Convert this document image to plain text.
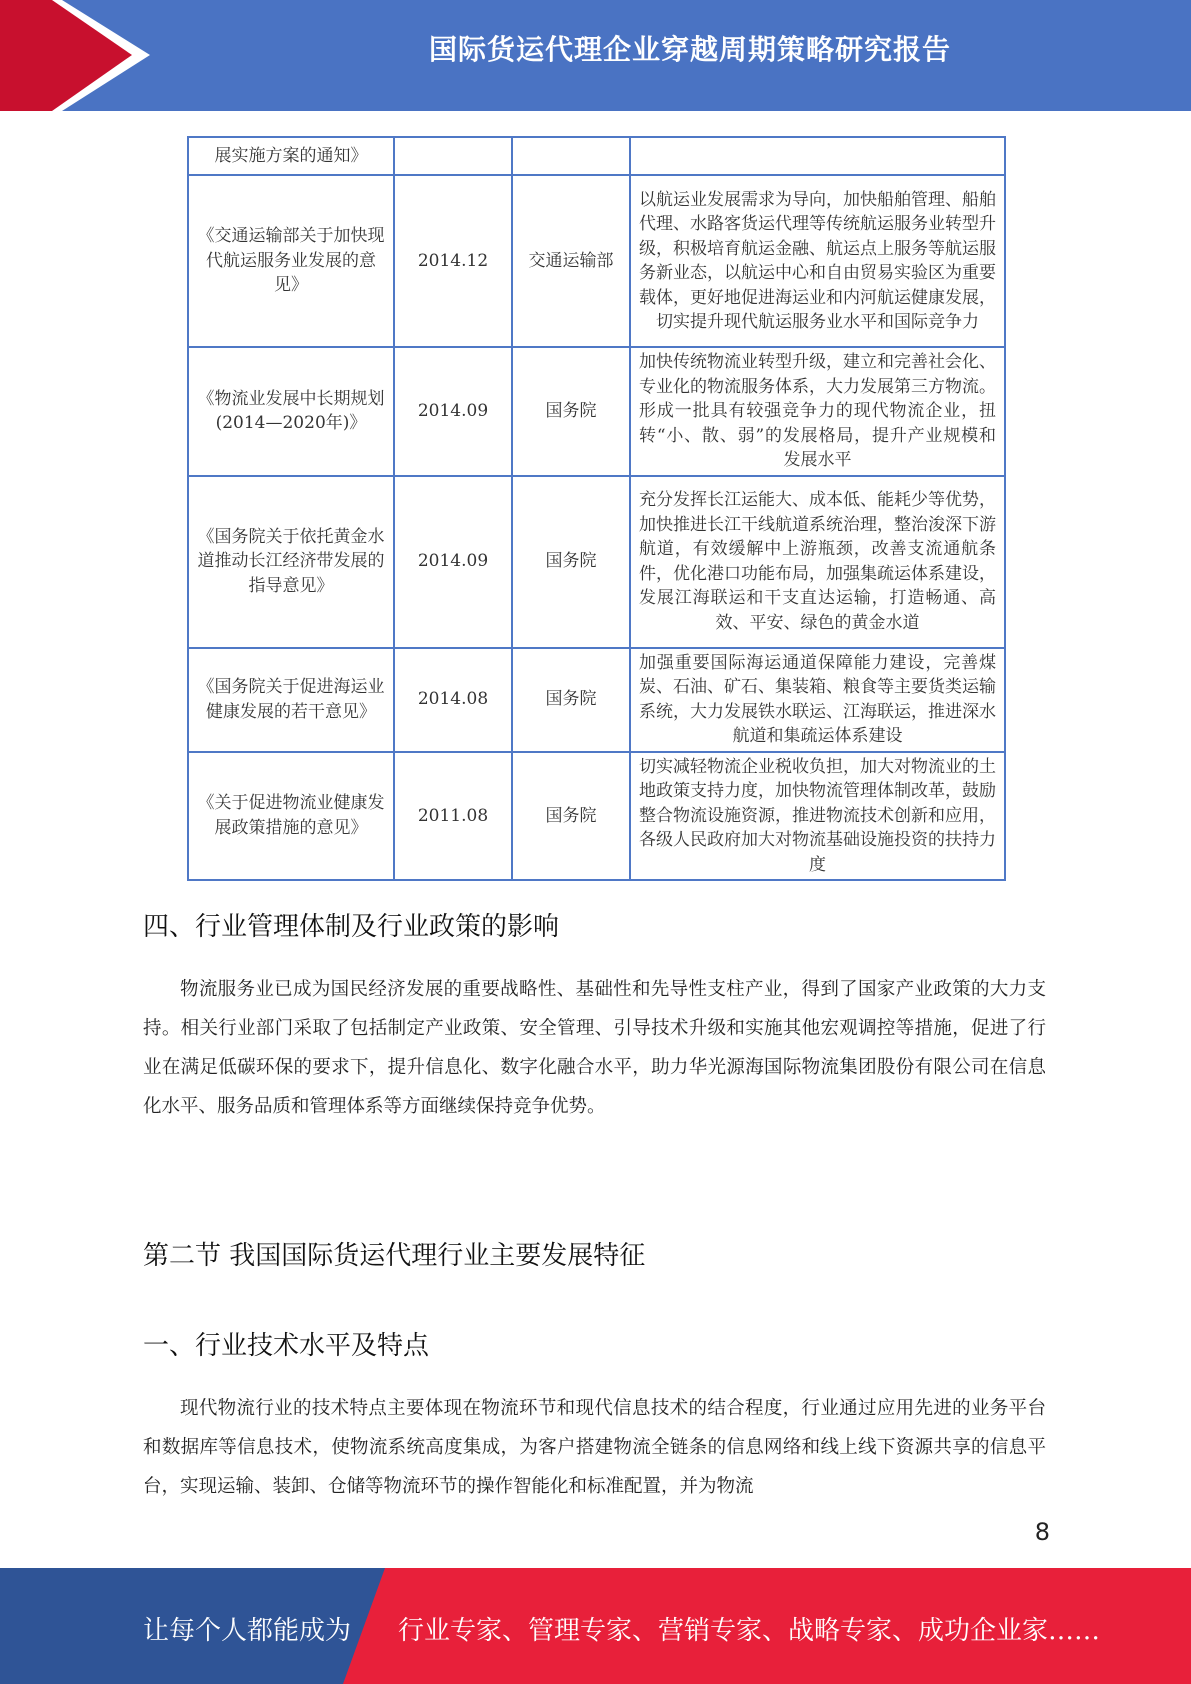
国际货运代理企业穿越周期策略研究报告
展实施方案的通知》			
《交通运输部关于加快现代航运服务业发展的意见》	2014.12	交通运输部	以航运业发展需求为导向，加快船舶管理、船舶代理、水路客货运代理等传统航运服务业转型升级，积极培育航运金融、航运点上服务等航运服务新业态，以航运中心和自由贸易实验区为重要载体，更好地促进海运业和内河航运健康发展，切实提升现代航运服务业水平和国际竞争力
《物流业发展中长期规划(2014—2020年)》	2014.09	国务院	加快传统物流业转型升级，建立和完善社会化、专业化的物流服务体系，大力发展第三方物流。形成一批具有较强竞争力的现代物流企业，扭转“小、散、弱”的发展格局，提升产业规模和发展水平
《国务院关于依托黄金水道推动长江经济带发展的指导意见》	2014.09	国务院	充分发挥长江运能大、成本低、能耗少等优势，加快推进长江干线航道系统治理，整治浚深下游航道，有效缓解中上游瓶颈，改善支流通航条件，优化港口功能布局，加强集疏运体系建设，发展江海联运和干支直达运输，打造畅通、高效、平安、绿色的黄金水道
《国务院关于促进海运业健康发展的若干意见》	2014.08	国务院	加强重要国际海运通道保障能力建设，完善煤炭、石油、矿石、集装箱、粮食等主要货类运输系统，大力发展铁水联运、江海联运，推进深水航道和集疏运体系建设
《关于促进物流业健康发展政策措施的意见》	2011.08	国务院	切实减轻物流企业税收负担，加大对物流业的土地政策支持力度，加快物流管理体制改革，鼓励整合物流设施资源，推进物流技术创新和应用，各级人民政府加大对物流基础设施投资的扶持力度
四、行业管理体制及行业政策的影响

物流服务业已成为国民经济发展的重要战略性、基础性和先导性支柱产业，得到了国家产业政策的大力支持。相关行业部门采取了包括制定产业政策、安全管理、引导技术升级和实施其他宏观调控等措施，促进了行业在满足低碳环保的要求下，提升信息化、数字化融合水平，助力华光源海国际物流集团股份有限公司在信息化水平、服务品质和管理体系等方面继续保持竞争优势。

第二节 我国国际货运代理行业主要发展特征
一、行业技术水平及特点

现代物流行业的技术特点主要体现在物流环节和现代信息技术的结合程度，行业通过应用先进的业务平台和数据库等信息技术，使物流系统高度集成，为客户搭建物流全链条的信息网络和线上线下资源共享的信息平台，实现运输、装卸、仓储等物流环节的操作智能化和标准配置，并为物流

8
让每个人都能成为 行业专家、管理专家、营销专家、战略专家、成功企业家……
